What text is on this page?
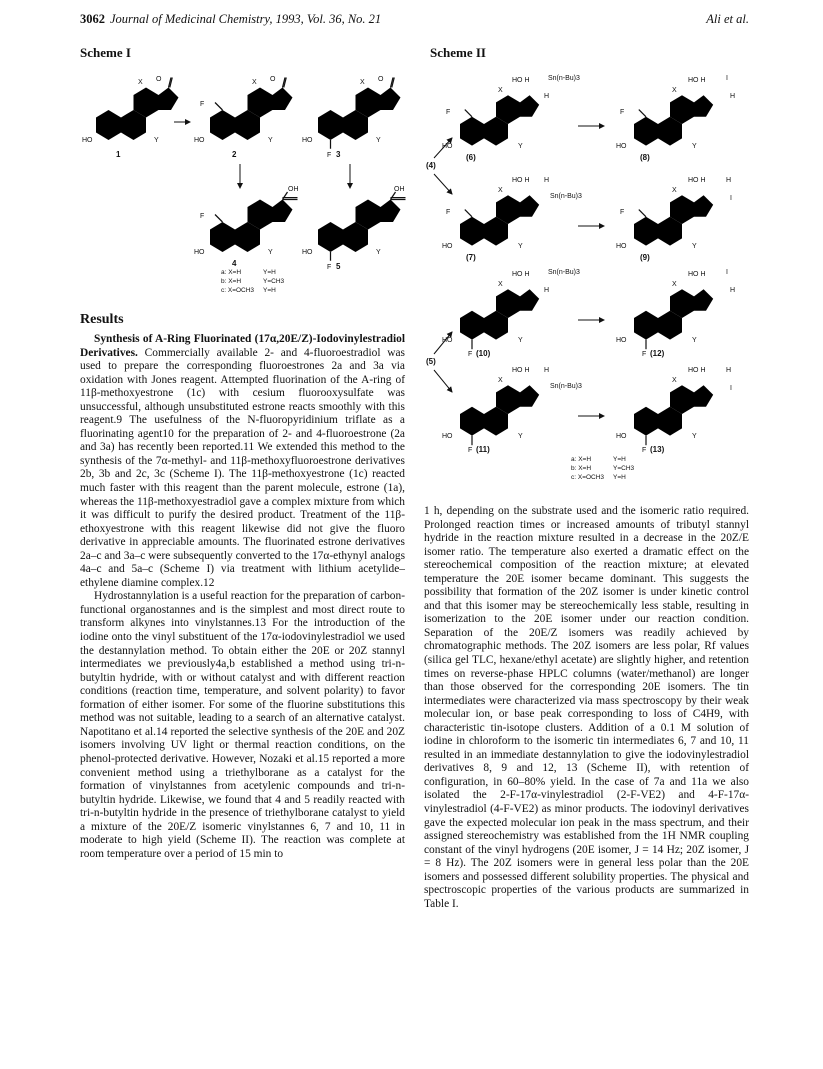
3062 Journal of Medicinal Chemistry, 1993, Vol. 36, No. 21	Ali et al.
Scheme I
HO
X O
Y
1
HO
F
X O
Y
2
HO
X O
Y
F 3
HO
F
OH
Y
4
HO
OH
Y
F 5
a: X=H	Y=H
b: X=H	Y=CH3
c: X=OCH3 Y=H
Scheme II
HO H	Sn(n-Bu)3
H
X
F
HO	Y
(6)
HO H	I
H
X
F
HO	Y
(8)
(4)
HO H H
Sn(n-Bu)3
X
F
HO	Y
(7)
HO H	H
I
X
F
HO	Y
(9)
HO H	Sn(n-Bu)3
H
X
HO	Y
F (10)
HO H	I
H
X
HO	Y
F (12)
(5)
HO H H
Sn(n-Bu)3
X
HO	Y
F (11)
HO H	H
I
X
HO	Y
F (13)
a: X=H	Y=H
b: X=H	Y=CH3
c: X=OCH3 Y=H
Results

Synthesis of A-Ring Fluorinated (17α,20E/Z)-Iodovinylestradiol Derivatives. Commercially available 2- and 4-fluoroestradiol was used to prepare the corresponding fluoroestrones 2a and 3a via oxidation with Jones reagent. Attempted fluorination of the A-ring of 11β-methoxyestrone (1c) with cesium fluorooxysulfate was unsuccessful, although unsubstituted estrone reacts smoothly with this reagent.9 The usefulness of the N-fluoropyridinium triflate as a fluorinating agent10 for the preparation of 2- and 4-fluoroestrone (2a and 3a) has recently been reported.11 We extended this method to the synthesis of the 7α-methyl- and 11β-methoxyfluoroestrone derivatives 2b, 3b and 2c, 3c (Scheme I). The 11β-methoxyestrone (1c) reacted much faster with this reagent than the parent molecule, estrone (1a), whereas the 11β-methoxyestradiol gave a complex mixture from which it was difficult to purify the desired product. Treatment of the 11β-ethoxyestrone with this reagent likewise did not give the fluoro derivative in appreciable amounts. The fluorinated estrone derivatives 2a–c and 3a–c were subsequently converted to the 17α-ethynyl analogs 4a–c and 5a–c (Scheme I) via treatment with lithium acetylide–ethylene diamine complex.12

Hydrostannylation is a useful reaction for the preparation of carbon-functional organostannes and is the simplest and most direct route to transform alkynes into vinylstannes.13 For the introduction of the iodine onto the vinyl substituent of the 17α-iodovinylestradiol we used the destannylation method. To obtain either the 20E or 20Z stannyl intermediates we previously4a,b established a method using tri-n-butyltin hydride, with or without catalyst and with different reaction conditions (reaction time, temperature, and solvent polarity) to favor formation of either isomer. For some of the fluorine substitutions this method was not suitable, leading to a search of an alternative catalyst. Napotitano et al.14 reported the selective synthesis of the 20E and 20Z isomers involving UV light or thermal reaction conditions, on the phenol-protected derivative. However, Nozaki et al.15 reported a more convenient method using a triethylborane as a catalyst for the formation of vinylstannes from acetylenic compounds and tri-n-butyltin hydride. Likewise, we found that 4 and 5 readily reacted with tri-n-butyltin hydride in the presence of triethylborane catalyst to yield a mixture of the 20E/Z isomeric vinylstannes 6, 7 and 10, 11 in moderate to high yield (Scheme II). The reaction was complete at room temperature over a period of 15 min to

1 h, depending on the substrate used and the isomeric ratio required. Prolonged reaction times or increased amounts of tributyl stannyl hydride in the reaction mixture resulted in a decrease in the 20Z/E isomer ratio. The temperature also exerted a dramatic effect on the stereochemical composition of the reaction mixture; at elevated temperature the 20E isomer became dominant. This suggests the possibility that formation of the 20Z isomer is under kinetic control and that this isomer may be stereochemically less stable, resulting in isomerization to the 20E isomer under our reaction condition. Separation of the 20E/Z isomers was readily achieved by chromatographic methods. The 20Z isomers are less polar, Rf values (silica gel TLC, hexane/ethyl acetate) are slightly higher, and retention times on reverse-phase HPLC columns (water/methanol) are longer than those observed for the corresponding 20E isomers. The tin intermediates were characterized via mass spectroscopy by their weak molecular ion, or base peak corresponding to loss of C4H9, with characteristic tin-isotope clusters. Addition of a 0.1 M solution of iodine in chloroform to the isomeric tin intermediates 6, 7 and 10, 11 resulted in an immediate destannylation to give the iodovinylestradiol derivatives 8, 9 and 12, 13 (Scheme II), with retention of configuration, in 60–80% yield. In the case of 7a and 11a we also isolated the 2-F-17α-vinylestradiol (2-F-VE2) and 4-F-17α-vinylestradiol (4-F-VE2) as minor products. The iodovinyl derivatives gave the expected molecular ion peak in the mass spectrum, and their assigned stereochemistry was established from the 1H NMR coupling constant of the vinyl hydrogens (20E isomer, J = 14 Hz; 20Z isomer, J = 8 Hz). The 20Z isomers were in general less polar than the 20E isomers and possessed different solubility properties. The physical and spectroscopic properties of the various products are summarized in Table I.
